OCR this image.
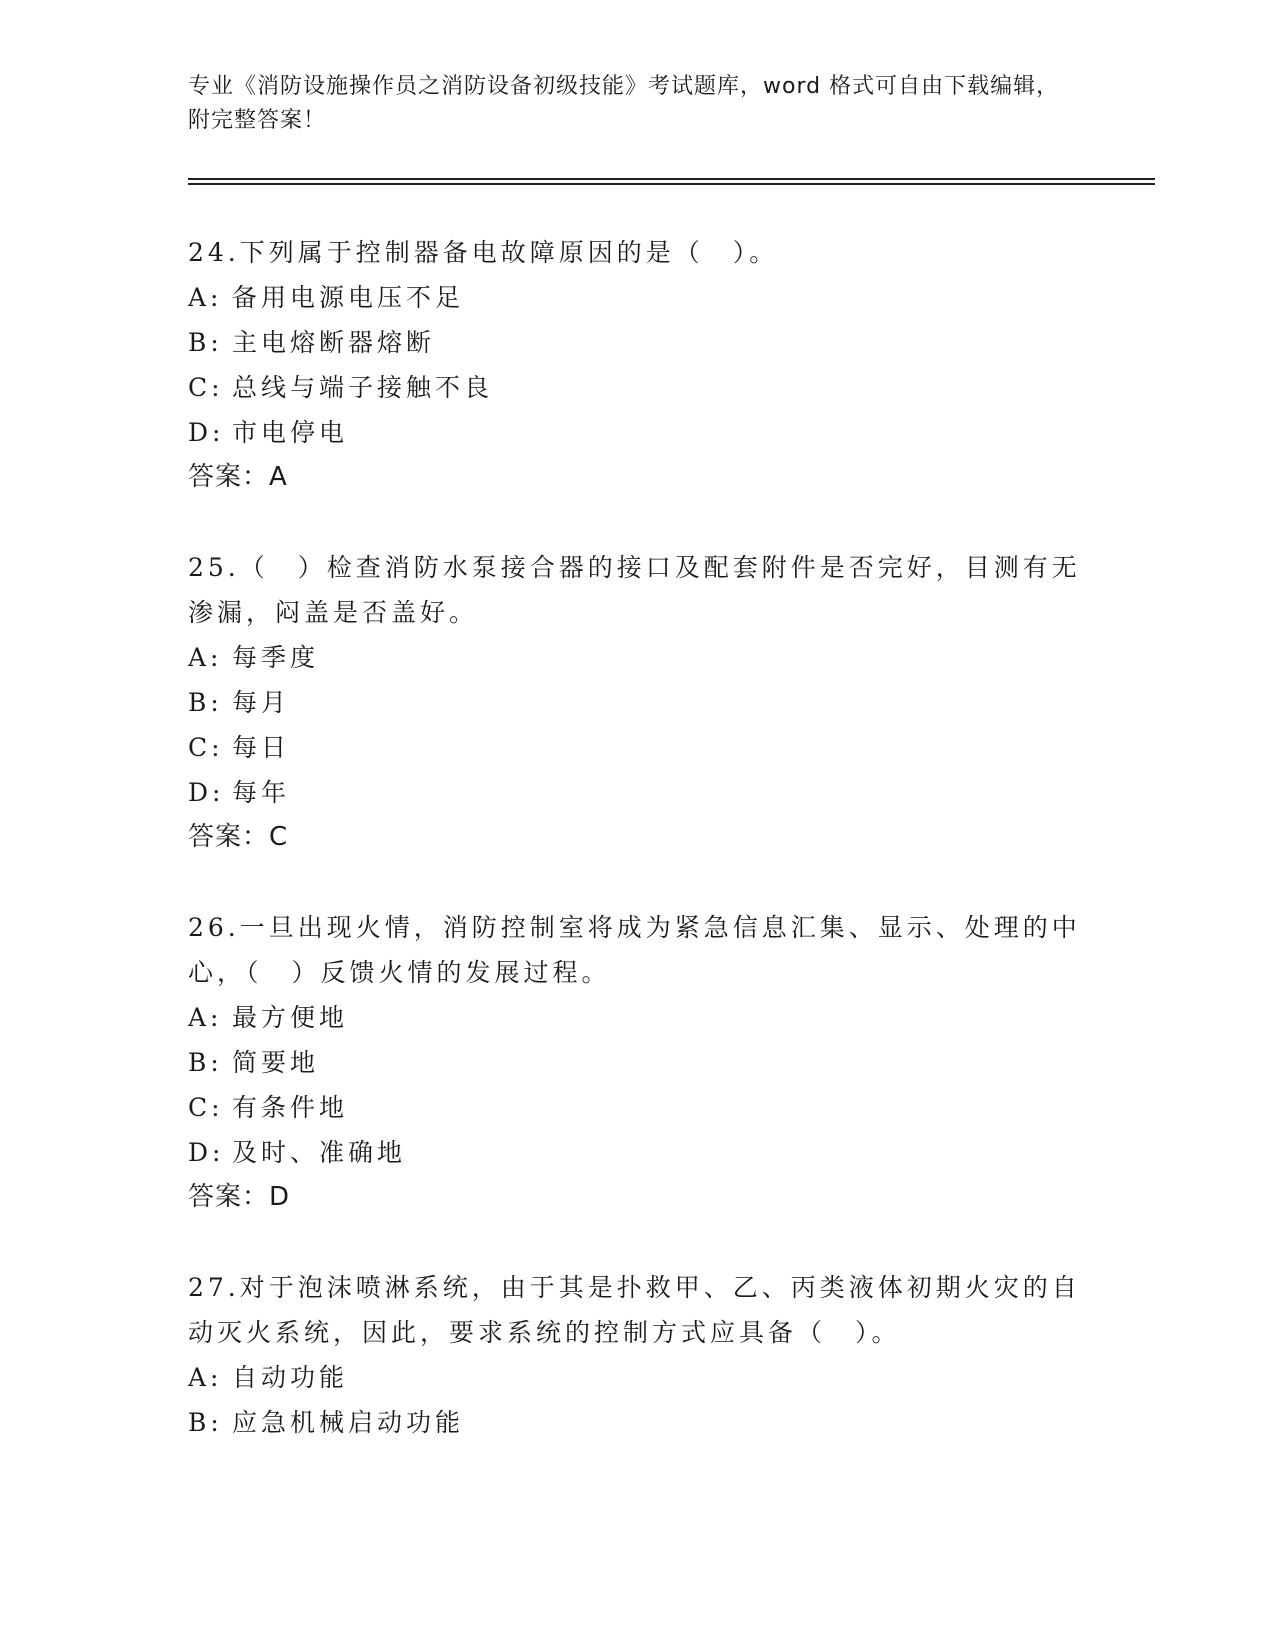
专业《消防设施操作员之消防设备初级技能》考试题库，word 格式可自由下载编辑，附完整答案！
24.下列属于控制器备电故障原因的是（　）。
A: 备用电源电压不足
B: 主电熔断器熔断
C: 总线与端子接触不良
D: 市电停电
答案：A
25.（　）检查消防水泵接合器的接口及配套附件是否完好，目测有无渗漏，闷盖是否盖好。
A: 每季度
B: 每月
C: 每日
D: 每年
答案：C
26.一旦出现火情，消防控制室将成为紧急信息汇集、显示、处理的中心，（　）反馈火情的发展过程。
A: 最方便地
B: 简要地
C: 有条件地
D: 及时、准确地
答案：D
27.对于泡沫喷淋系统，由于其是扑救甲、乙、丙类液体初期火灾的自动灭火系统，因此，要求系统的控制方式应具备（　）。
A: 自动功能
B: 应急机械启动功能
